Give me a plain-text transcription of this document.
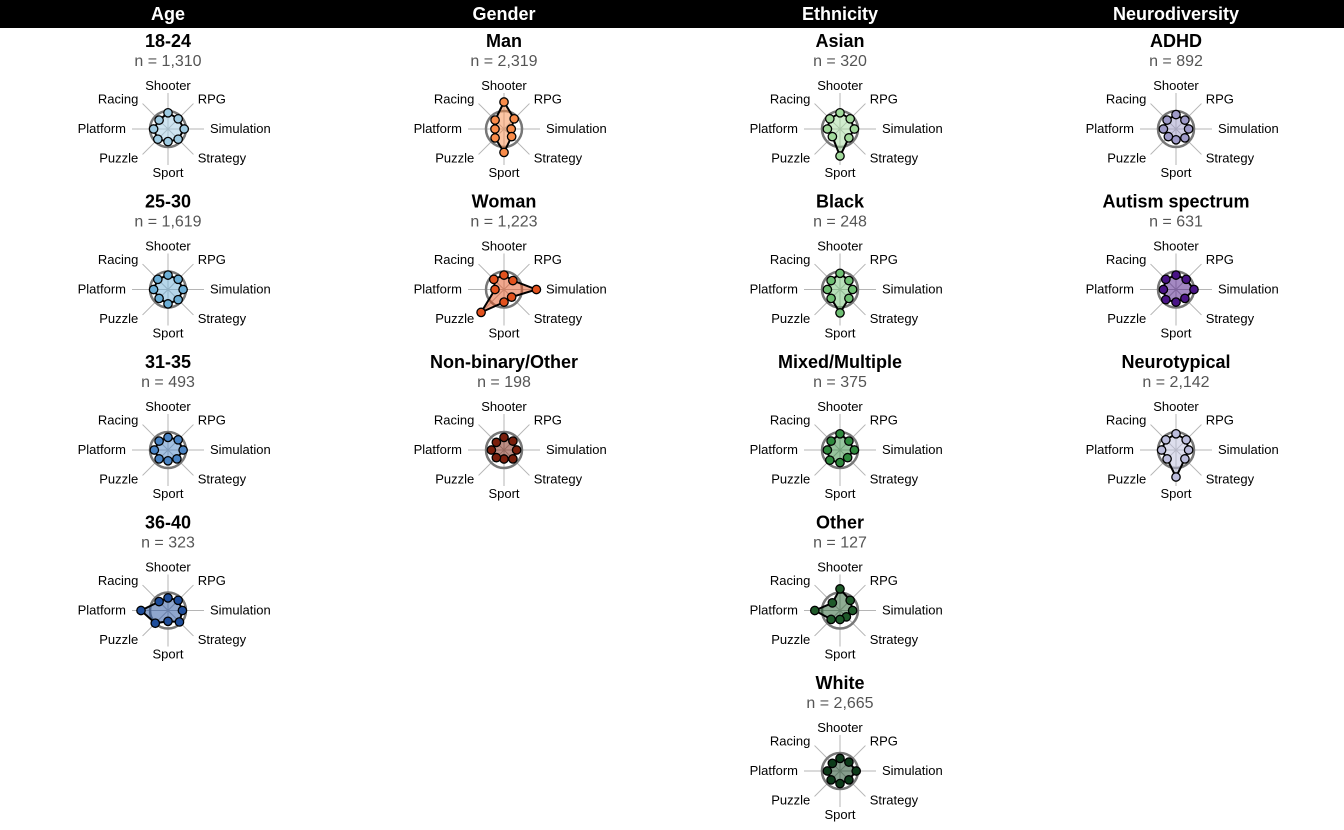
Age	Gender	Ethnicity	Neurodiversity
18-24
n = 1,310
Shooter
RPG
Simulation
Strategy
Sport
Puzzle
Platform
Racing
25-30
n = 1,619
Shooter
RPG
Simulation
Strategy
Sport
Puzzle
Platform
Racing
31-35
n = 493
Shooter
RPG
Simulation
Strategy
Sport
Puzzle
Platform
Racing
36-40
n = 323
Shooter
RPG
Simulation
Strategy
Sport
Puzzle
Platform
Racing
Man
n = 2,319
Shooter
RPG
Simulation
Strategy
Sport
Puzzle
Platform
Racing
Woman
n = 1,223
Shooter
RPG
Simulation
Strategy
Sport
Puzzle
Platform
Racing
Non-binary/Other
n = 198
Shooter
RPG
Simulation
Strategy
Sport
Puzzle
Platform
Racing
Asian
n = 320
Shooter
RPG
Simulation
Strategy
Sport
Puzzle
Platform
Racing
Black
n = 248
Shooter
RPG
Simulation
Strategy
Sport
Puzzle
Platform
Racing
Mixed/Multiple
n = 375
Shooter
RPG
Simulation
Strategy
Sport
Puzzle
Platform
Racing
Other
n = 127
Shooter
RPG
Simulation
Strategy
Sport
Puzzle
Platform
Racing
White
n = 2,665
Shooter
RPG
Simulation
Strategy
Sport
Puzzle
Platform
Racing
ADHD
n = 892
Shooter
RPG
Simulation
Strategy
Sport
Puzzle
Platform
Racing
Autism spectrum
n = 631
Shooter
RPG
Simulation
Strategy
Sport
Puzzle
Platform
Racing
Neurotypical
n = 2,142
Shooter
RPG
Simulation
Strategy
Sport
Puzzle
Platform
Racing
